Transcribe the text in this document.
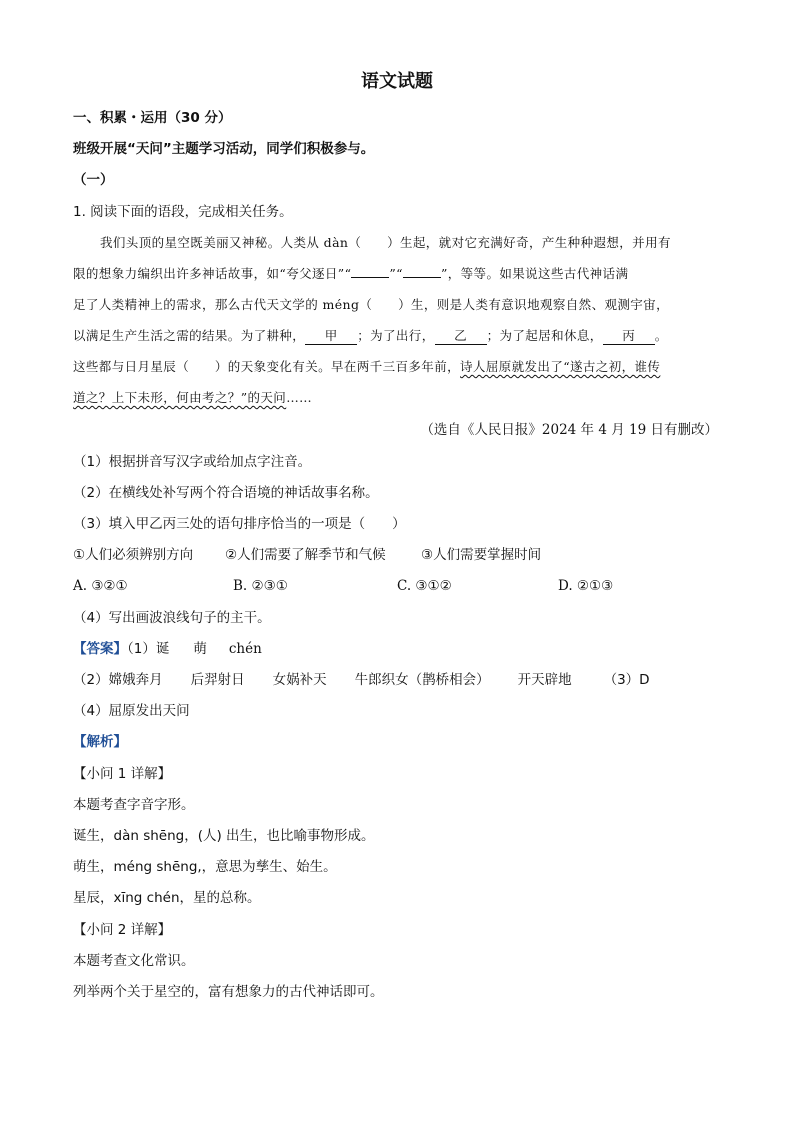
语文试题
一、积累・运用（30 分）
班级开展“天问”主题学习活动，同学们积极参与。
（一）
1. 阅读下面的语段，完成相关任务。
我们头顶的星空既美丽又神秘。人类从 dàn（　　）生起，就对它充满好奇，产生种种遐想，并用有
限的想象力编织出许多神话故事，如“夸父逐日”“	”“	”，等等。如果说这些古代神话满
足了人类精神上的需求，那么古代天文学的 méng（　　）生，则是人类有意识地观察自然、观测宇宙，
以满足生产生活之需的结果。为了耕种， 甲 ；为了出行， 乙 ；为了起居和休息， 丙 。
这些都与日月星辰（　　）的天象变化有关。早在两千三百多年前，诗人屈原就发出了“遂古之初，谁传
道之？上下未形，何由考之？”的天问……
（选自《人民日报》2024 年 4 月 19 日有删改）
（1）根据拼音写汉字或给加点字注音。
（2）在横线处补写两个符合语境的神话故事名称。
（3）填入甲乙丙三处的语句排序恰当的一项是（　　）
①人们必须辨别方向 ②人们需要了解季节和气候	③人们需要掌握时间
A. ③②①	B. ②③①	C. ③①②	D. ②①③
（4）写出画波浪线句子的主干。
【答案】（1）诞 萌 chén
（2）嫦娥奔月 后羿射日 女娲补天 牛郎织女（鹊桥相会） 开天辟地 （3）D
（4）屈原发出天问
【解析】
【小问 1 详解】
本题考查字音字形。
诞生，dàn shēng，(人) 出生，也比喻事物形成。
萌生，méng shēng,，意思为孳生、始生。
星辰，xīng chén，星的总称。
【小问 2 详解】
本题考查文化常识。
列举两个关于星空的，富有想象力的古代神话即可。
